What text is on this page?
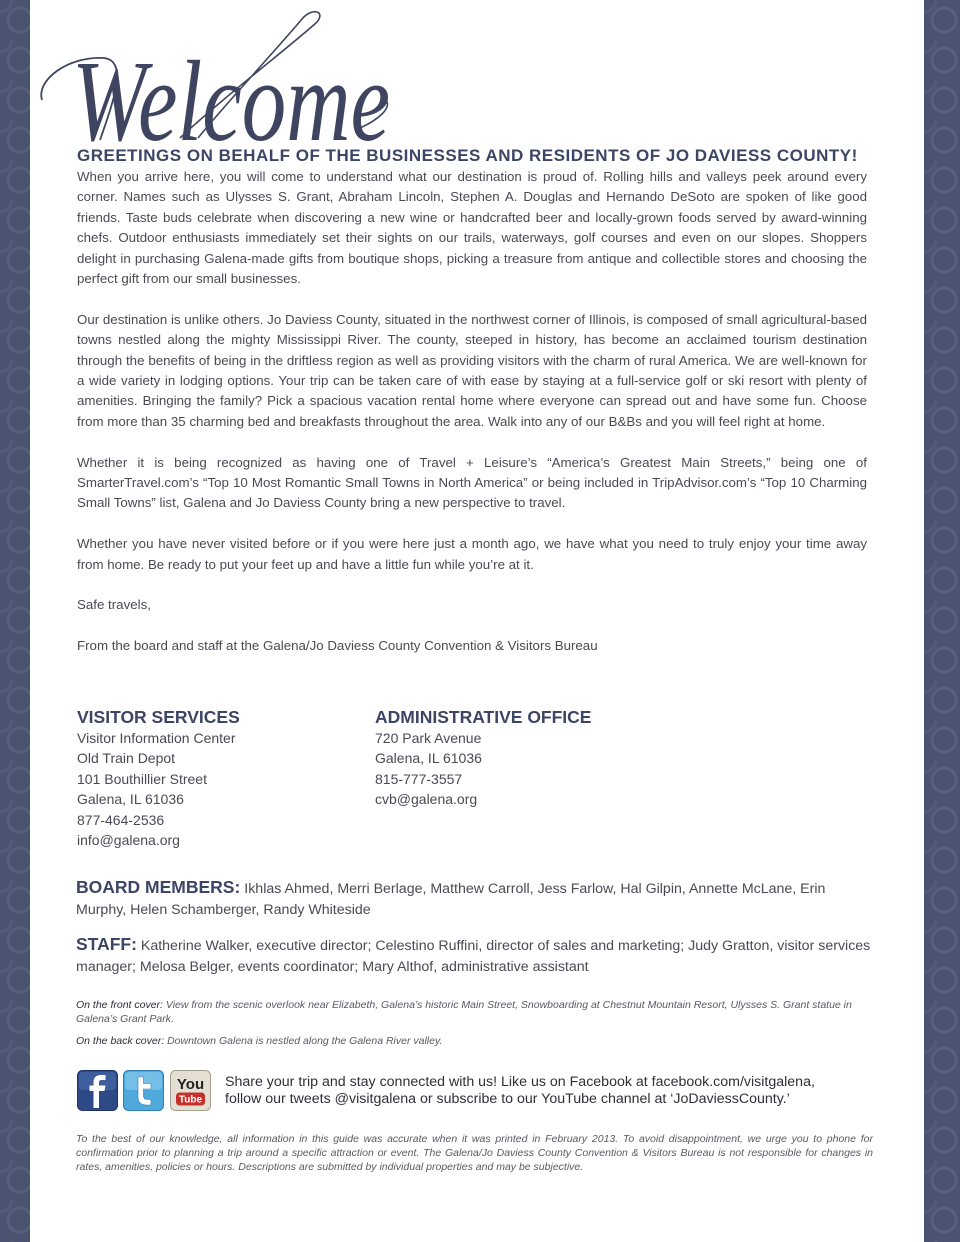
Welcome
GREETINGS ON BEHALF OF THE BUSINESSES AND RESIDENTS OF JO DAVIESS COUNTY!

When you arrive here, you will come to understand what our destination is proud of. Rolling hills and valleys peek around every corner. Names such as Ulysses S. Grant, Abraham Lincoln, Stephen A. Douglas and Hernando DeSoto are spoken of like good friends. Taste buds celebrate when discovering a new wine or handcrafted beer and locally-grown foods served by award-winning chefs. Outdoor enthusiasts immediately set their sights on our trails, waterways, golf courses and even on our slopes. Shoppers delight in purchasing Galena-made gifts from boutique shops, picking a treasure from antique and collectible stores and choosing the perfect gift from our small businesses.

Our destination is unlike others. Jo Daviess County, situated in the northwest corner of Illinois, is composed of small agricultural-based towns nestled along the mighty Mississippi River. The county, steeped in history, has become an acclaimed tourism destination through the benefits of being in the driftless region as well as providing visitors with the charm of rural America. We are well-known for a wide variety in lodging options. Your trip can be taken care of with ease by staying at a full-service golf or ski resort with plenty of amenities. Bringing the family? Pick a spacious vacation rental home where everyone can spread out and have some fun. Choose from more than 35 charming bed and breakfasts throughout the area. Walk into any of our B&Bs and you will feel right at home.

Whether it is being recognized as having one of Travel + Leisure’s “America’s Greatest Main Streets,” being one of SmarterTravel.com’s “Top 10 Most Romantic Small Towns in North America” or being included in TripAdvisor.com’s “Top 10 Charming Small Towns” list, Galena and Jo Daviess County bring a new perspective to travel.

Whether you have never visited before or if you were here just a month ago, we have what you need to truly enjoy your time away from home. Be ready to put your feet up and have a little fun while you’re at it.

Safe travels,

From the board and staff at the Galena/Jo Daviess County Convention & Visitors Bureau

VISITOR SERVICES
Visitor Information Center
Old Train Depot
101 Bouthillier Street
Galena, IL 61036
877-464-2536
info@galena.org
ADMINISTRATIVE OFFICE
720 Park Avenue
Galena, IL 61036
815-777-3557
cvb@galena.org

BOARD MEMBERS: Ikhlas Ahmed, Merri Berlage, Matthew Carroll, Jess Farlow, Hal Gilpin, Annette McLane, Erin Murphy, Helen Schamberger, Randy Whiteside

STAFF: Katherine Walker, executive director; Celestino Ruffini, director of sales and marketing; Judy Gratton, visitor services manager; Melosa Belger, events coordinator; Mary Althof, administrative assistant

On the front cover: View from the scenic overlook near Elizabeth, Galena’s historic Main Street, Snowboarding at Chestnut Mountain Resort, Ulysses S. Grant statue in Galena’s Grant Park.

On the back cover: Downtown Galena is nestled along the Galena River valley.

You
Tube
Share your trip and stay connected with us! Like us on Facebook at facebook.com/visitgalena,
follow our tweets @visitgalena or subscribe to our YouTube channel at ‘JoDaviessCounty.’

To the best of our knowledge, all information in this guide was accurate when it was printed in February 2013. To avoid disappointment, we urge you to phone for confirmation prior to planning a trip around a specific attraction or event. The Galena/Jo Daviess County Convention & Visitors Bureau is not responsible for changes in rates, amenities, policies or hours. Descriptions are submitted by individual properties and may be subjective.
